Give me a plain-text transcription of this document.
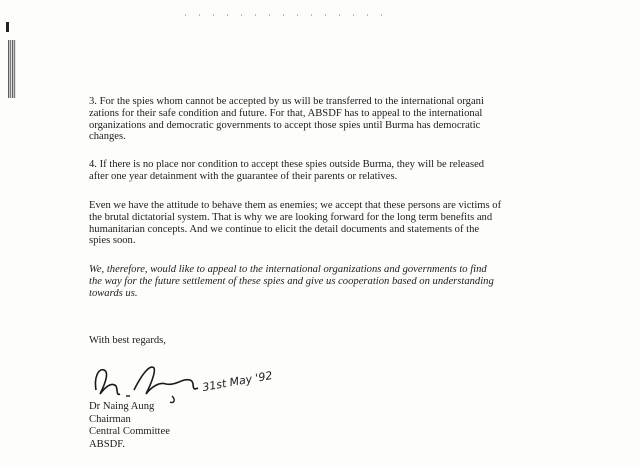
3. For the spies whom cannot be accepted by us will be transferred to the international organi
zations for their safe condition and future. For that, ABSDF has to appeal to the international
organizations and democratic governments to accept those spies until Burma has democratic
changes.
4. If there is no place nor condition to accept these spies outside Burma, they will be released
after one year detainment with the guarantee of their parents or relatives.
Even we have the attitude to behave them as enemies; we accept that these persons are victims of
the brutal dictatorial system. That is why we are looking forward for the long term benefits and
humanitarian concepts. And we continue to elicit the detail documents and statements of the
spies soon.
We, therefore, would like to appeal to the international organizations and governments to find
the way for the future settlement of these spies and give us cooperation based on understanding
towards us.
With best regards,
31st May '92
Dr Naing Aung
Chairman
Central Committee
ABSDF.
